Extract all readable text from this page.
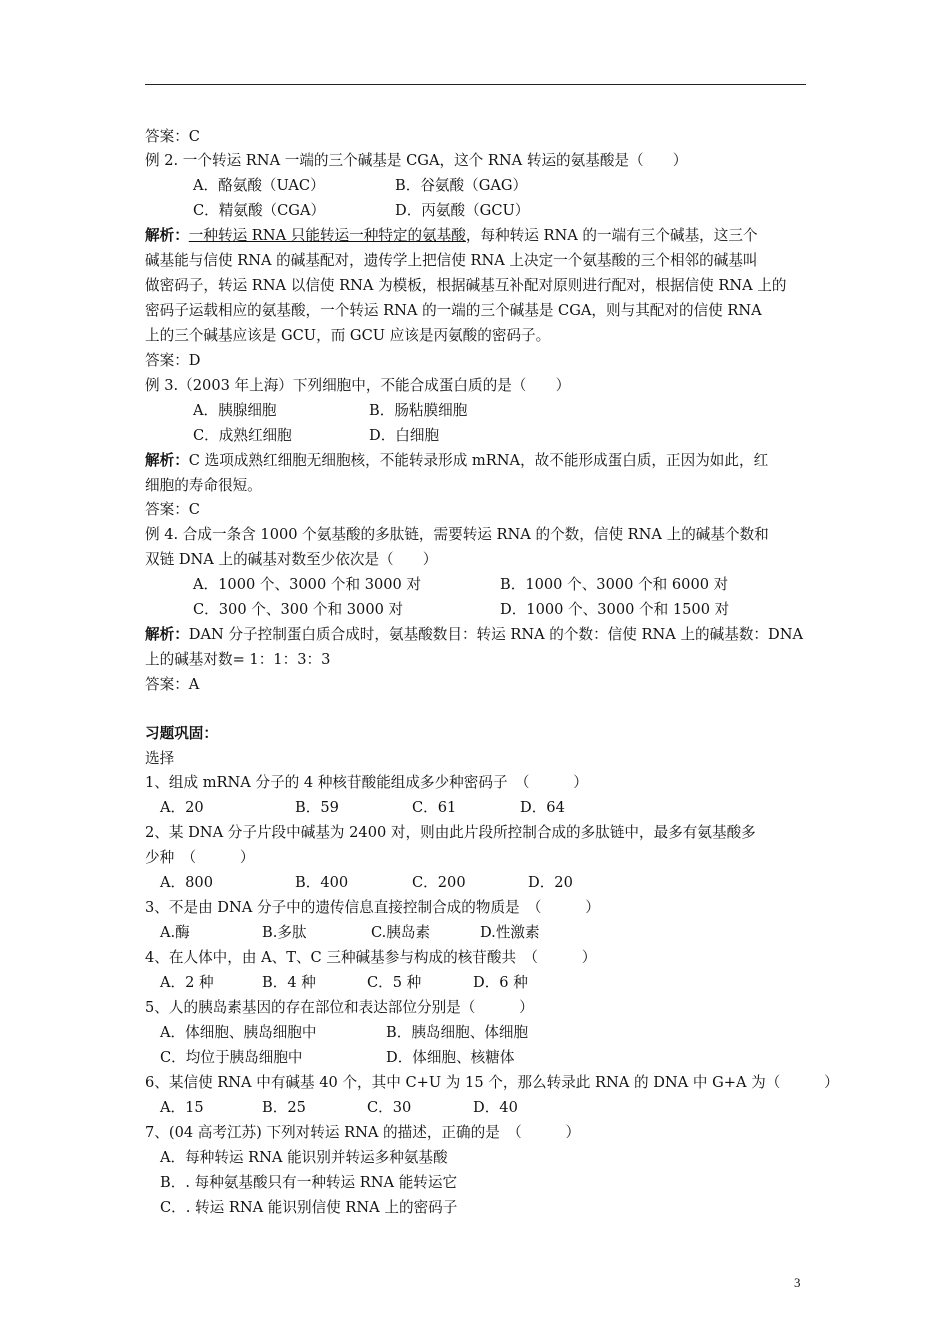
答案：C
例 2. 一个转运 RNA 一端的三个碱基是 CGA，这个 RNA 转运的氨基酸是（　　）
A．酪氨酸（UAC）	B．谷氨酸（GAG）
C．精氨酸（CGA）	D．丙氨酸（GCU）
解析：一种转运 RNA 只能转运一种特定的氨基酸，每种转运 RNA 的一端有三个碱基，这三个
碱基能与信使 RNA 的碱基配对，遗传学上把信使 RNA 上决定一个氨基酸的三个相邻的碱基叫
做密码子，转运 RNA 以信使 RNA 为模板，根据碱基互补配对原则进行配对，根据信使 RNA 上的
密码子运载相应的氨基酸，一个转运 RNA 的一端的三个碱基是 CGA，则与其配对的信使 RNA
上的三个碱基应该是 GCU，而 GCU 应该是丙氨酸的密码子。
答案：D
例 3.（2003 年上海）下列细胞中，不能合成蛋白质的是（　　）
A．胰腺细胞	B．肠粘膜细胞
C．成熟红细胞	D．白细胞
解析：C 选项成熟红细胞无细胞核，不能转录形成 mRNA，故不能形成蛋白质，正因为如此，红
细胞的寿命很短。
答案：C
例 4. 合成一条含 1000 个氨基酸的多肽链，需要转运 RNA 的个数，信使 RNA 上的碱基个数和
双链 DNA 上的碱基对数至少依次是（　　）
A．1000 个、3000 个和 3000 对	B．1000 个、3000 个和 6000 对
C．300 个、300 个和 3000 对	D．1000 个、3000 个和 1500 对
解析：DAN 分子控制蛋白质合成时，氨基酸数目：转运 RNA 的个数：信使 RNA 上的碱基数：DNA
上的碱基对数= 1：1：3：3
答案：A
习题巩固：
选择
1、组成 mRNA 分子的 4 种核苷酸能组成多少种密码子　（　　　）
A．20	B．59	C．61	D．64
2、某 DNA 分子片段中碱基为 2400 对，则由此片段所控制合成的多肽链中，最多有氨基酸多
少种　（　　　）
A．800	B．400	C．200	D．20
3、不是由 DNA 分子中的遗传信息直接控制合成的物质是　（　　　）
A.酶	B.多肽	C.胰岛素	D.性激素
4、在人体中，由 A、T、C 三种碱基参与构成的核苷酸共　（　　　）
A．2 种	B．4 种	C．5 种	D．6 种
5、人的胰岛素基因的存在部位和表达部位分别是（　　　）
A．体细胞、胰岛细胞中	B．胰岛细胞、体细胞
C．均位于胰岛细胞中	D．体细胞、核糖体
6、某信使 RNA 中有碱基 40 个，其中 C+U 为 15 个，那么转录此 RNA 的 DNA 中 G+A 为（　　　）
A．15	B．25	C．30	D．40
7、(04 高考江苏) 下列对转运 RNA 的描述，正确的是　（　　　）
A．每种转运 RNA 能识别并转运多种氨基酸
B．. 每种氨基酸只有一种转运 RNA 能转运它
C．. 转运 RNA 能识别信使 RNA 上的密码子
3
